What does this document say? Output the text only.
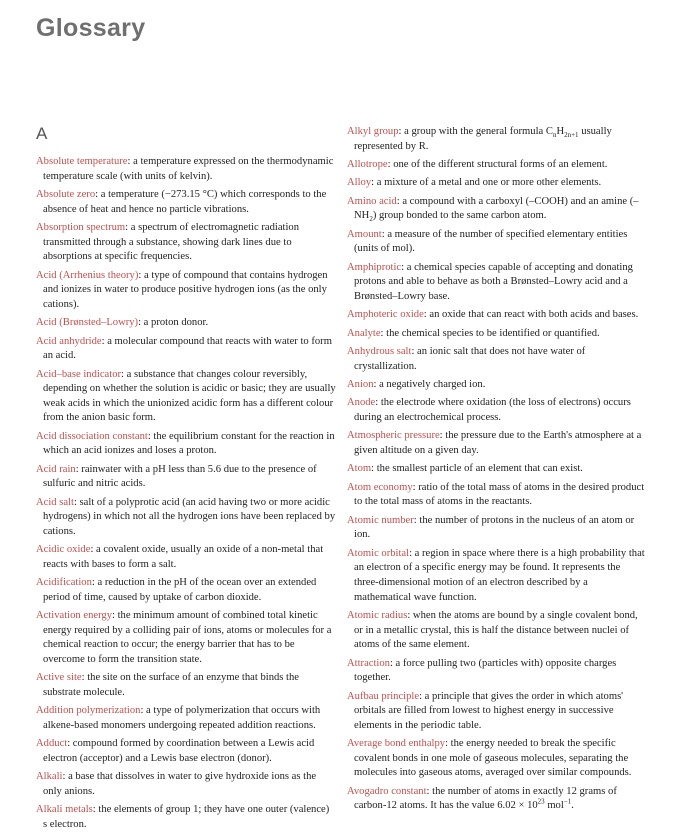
Glossary
A

Absolute temperature: a temperature expressed on the thermodynamic temperature scale (with units of kelvin).

Absolute zero: a temperature (−273.15 °C) which corresponds to the absence of heat and hence no particle vibrations.

Absorption spectrum: a spectrum of electromagnetic radiation transmitted through a substance, showing dark lines due to absorptions at specific frequencies.

Acid (Arrhenius theory): a type of compound that contains hydrogen and ionizes in water to produce positive hydrogen ions (as the only cations).

Acid (Brønsted–Lowry): a proton donor.

Acid anhydride: a molecular compound that reacts with water to form an acid.

Acid–base indicator: a substance that changes colour reversibly, depending on whether the solution is acidic or basic; they are usually weak acids in which the unionized acidic form has a different colour from the anion basic form.

Acid dissociation constant: the equilibrium constant for the reaction in which an acid ionizes and loses a proton.

Acid rain: rainwater with a pH less than 5.6 due to the presence of sulfuric and nitric acids.

Acid salt: salt of a polyprotic acid (an acid having two or more acidic hydrogens) in which not all the hydrogen ions have been replaced by cations.

Acidic oxide: a covalent oxide, usually an oxide of a non-metal that reacts with bases to form a salt.

Acidification: a reduction in the pH of the ocean over an extended period of time, caused by uptake of carbon dioxide.

Activation energy: the minimum amount of combined total kinetic energy required by a colliding pair of ions, atoms or molecules for a chemical reaction to occur; the energy barrier that has to be overcome to form the transition state.

Active site: the site on the surface of an enzyme that binds the substrate molecule.

Addition polymerization: a type of polymerization that occurs with alkene-based monomers undergoing repeated addition reactions.

Adduct: compound formed by coordination between a Lewis acid electron (acceptor) and a Lewis base electron (donor).

Alkali: a base that dissolves in water to give hydroxide ions as the only anions.

Alkali metals: the elements of group 1; they have one outer (valence) s electron.

Alkyl group: a group with the general formula $C_nH_{2n+1}$ usually represented by R.

Allotrope: one of the different structural forms of an element.

Alloy: a mixture of a metal and one or more other elements.

Amino acid: a compound with a carboxyl (–COOH) and an amine $(-NH_2)$ group bonded to the same carbon atom.

Amount: a measure of the number of specified elementary entities (units of mol).

Amphiprotic: a chemical species capable of accepting and donating protons and able to behave as both a Brønsted–Lowry acid and a Brønsted–Lowry base.

Amphoteric oxide: an oxide that can react with both acids and bases.

Analyte: the chemical species to be identified or quantified.

Anhydrous salt: an ionic salt that does not have water of crystallization.

Anion: a negatively charged ion.

Anode: the electrode where oxidation (the loss of electrons) occurs during an electrochemical process.

Atmospheric pressure: the pressure due to the Earth's atmosphere at a given altitude on a given day.

Atom: the smallest particle of an element that can exist.

Atom economy: ratio of the total mass of atoms in the desired product to the total mass of atoms in the reactants.

Atomic number: the number of protons in the nucleus of an atom or ion.

Atomic orbital: a region in space where there is a high probability that an electron of a specific energy may be found. It represents the three-dimensional motion of an electron described by a mathematical wave function.

Atomic radius: when the atoms are bound by a single covalent bond, or in a metallic crystal, this is half the distance between nuclei of atoms of the same element.

Attraction: a force pulling two (particles with) opposite charges together.

Aufbau principle: a principle that gives the order in which atoms' orbitals are filled from lowest to highest energy in successive elements in the periodic table.

Average bond enthalpy: the energy needed to break the specific covalent bonds in one mole of gaseous molecules, separating the molecules into gaseous atoms, averaged over similar compounds.

Avogadro constant: the number of atoms in exactly 12 grams of carbon-12 atoms. It has the value $6.02 \times 10^{23}$ mol$^{-1}$.
